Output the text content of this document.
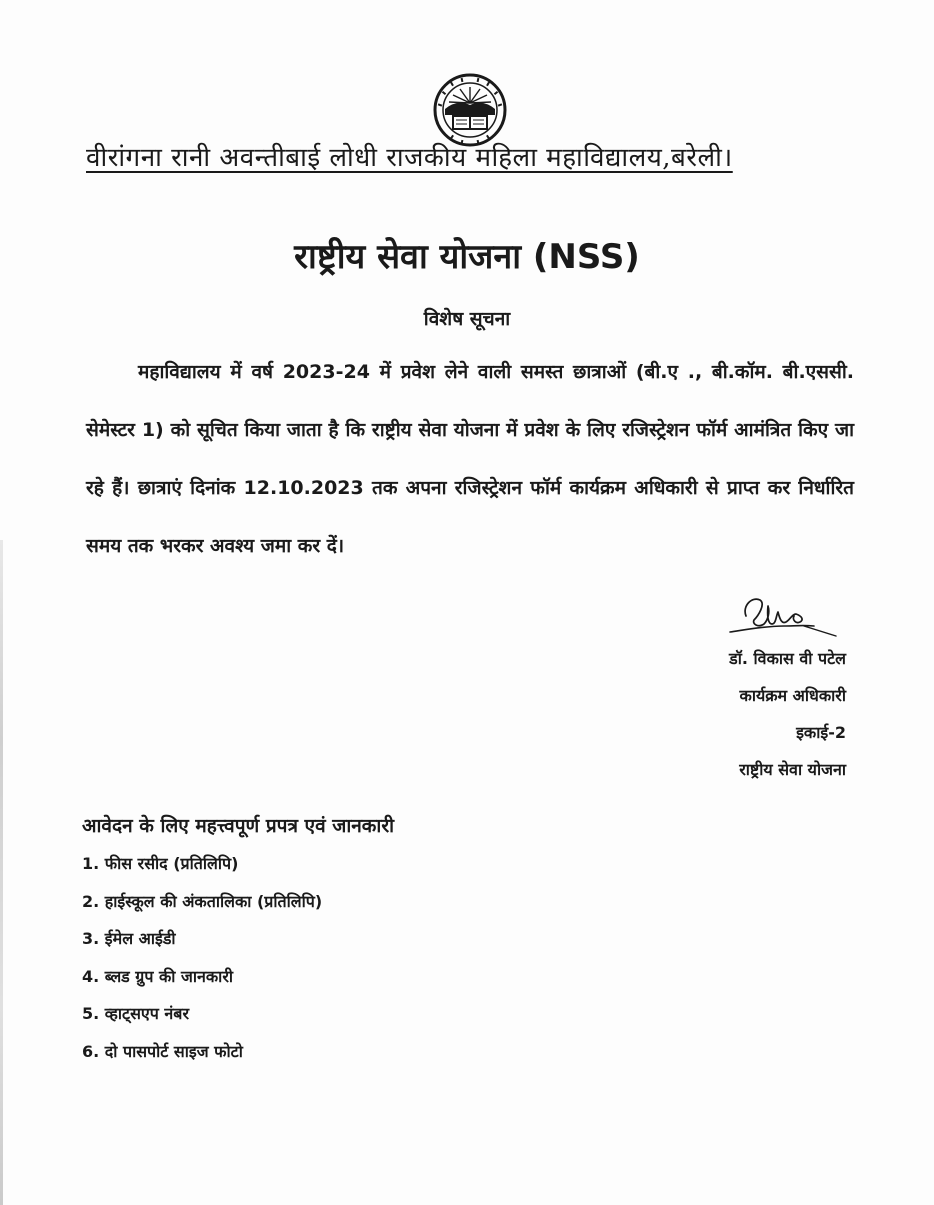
वीरांगना रानी अवन्तीबाई लोधी राजकीय महिला महाविद्यालय,बरेली।
राष्ट्रीय सेवा योजना (NSS)
विशेष सूचना

महाविद्यालय में वर्ष 2023-24 में प्रवेश लेने वाली समस्त छात्राओं (बी.ए ., बी.कॉम. बी.एससी. सेमेस्टर 1) को सूचित किया जाता है कि राष्ट्रीय सेवा योजना में प्रवेश के लिए रजिस्ट्रेशन फॉर्म आमंत्रित किए जा रहे हैं। छात्राएं दिनांक 12.10.2023 तक अपना रजिस्ट्रेशन फॉर्म कार्यक्रम अधिकारी से प्राप्त कर निर्धारित समय तक भरकर अवश्य जमा कर दें।

डॉ. विकास वी पटेल
कार्यक्रम अधिकारी
इकाई-2
राष्ट्रीय सेवा योजना
आवेदन के लिए महत्त्वपूर्ण प्रपत्र एवं जानकारी
1. फीस रसीद (प्रतिलिपि)
2. हाईस्कूल की अंकतालिका (प्रतिलिपि)
3. ईमेल आईडी
4. ब्लड ग्रुप की जानकारी
5. व्हाट्सएप नंबर
6. दो पासपोर्ट साइज फोटो
